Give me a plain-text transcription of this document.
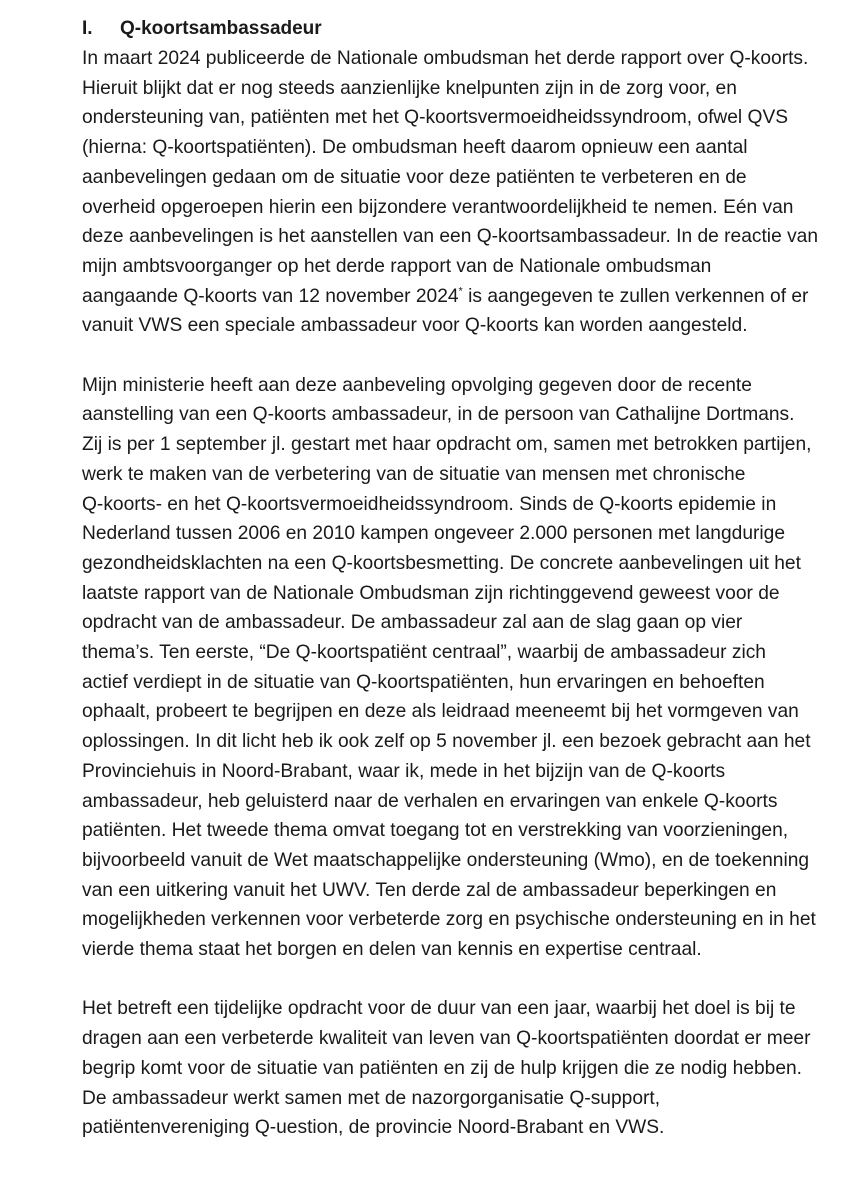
I.	Q-koortsambassadeur

In maart 2024 publiceerde de Nationale ombudsman het derde rapport over Q-koorts.
Hieruit blijkt dat er nog steeds aanzienlijke knelpunten zijn in de zorg voor, en
ondersteuning van, patiënten met het Q-koortsvermoeidheidssyndroom, ofwel QVS
(hierna: Q-koortspatiënten). De ombudsman heeft daarom opnieuw een aantal
aanbevelingen gedaan om de situatie voor deze patiënten te verbeteren en de
overheid opgeroepen hierin een bijzondere verantwoordelijkheid te nemen. Eén van
deze aanbevelingen is het aanstellen van een Q-koortsambassadeur. In de reactie van
mijn ambtsvoorganger op het derde rapport van de Nationale ombudsman
aangaande Q-koorts van 12 november 2024* is aangegeven te zullen verkennen of er
vanuit VWS een speciale ambassadeur voor Q-koorts kan worden aangesteld.

Mijn ministerie heeft aan deze aanbeveling opvolging gegeven door de recente
aanstelling van een Q-koorts ambassadeur, in de persoon van Cathalijne Dortmans.
Zij is per 1 september jl. gestart met haar opdracht om, samen met betrokken partijen,
werk te maken van de verbetering van de situatie van mensen met chronische
Q-koorts- en het Q-koortsvermoeidheidssyndroom. Sinds de Q-koorts epidemie in
Nederland tussen 2006 en 2010 kampen ongeveer 2.000 personen met langdurige
gezondheidsklachten na een Q-koortsbesmetting. De concrete aanbevelingen uit het
laatste rapport van de Nationale Ombudsman zijn richtinggevend geweest voor de
opdracht van de ambassadeur. De ambassadeur zal aan de slag gaan op vier
thema’s. Ten eerste, “De Q-koortspatiënt centraal”, waarbij de ambassadeur zich
actief verdiept in de situatie van Q-koortspatiënten, hun ervaringen en behoeften
ophaalt, probeert te begrijpen en deze als leidraad meeneemt bij het vormgeven van
oplossingen. In dit licht heb ik ook zelf op 5 november jl. een bezoek gebracht aan het
Provinciehuis in Noord-Brabant, waar ik, mede in het bijzijn van de Q-koorts
ambassadeur, heb geluisterd naar de verhalen en ervaringen van enkele Q-koorts
patiënten. Het tweede thema omvat toegang tot en verstrekking van voorzieningen,
bijvoorbeeld vanuit de Wet maatschappelijke ondersteuning (Wmo), en de toekenning
van een uitkering vanuit het UWV. Ten derde zal de ambassadeur beperkingen en
mogelijkheden verkennen voor verbeterde zorg en psychische ondersteuning en in het
vierde thema staat het borgen en delen van kennis en expertise centraal.

Het betreft een tijdelijke opdracht voor de duur van een jaar, waarbij het doel is bij te
dragen aan een verbeterde kwaliteit van leven van Q-koortspatiënten doordat er meer
begrip komt voor de situatie van patiënten en zij de hulp krijgen die ze nodig hebben.
De ambassadeur werkt samen met de nazorgorganisatie Q-support,
patiëntenvereniging Q-uestion, de provincie Noord-Brabant en VWS.
